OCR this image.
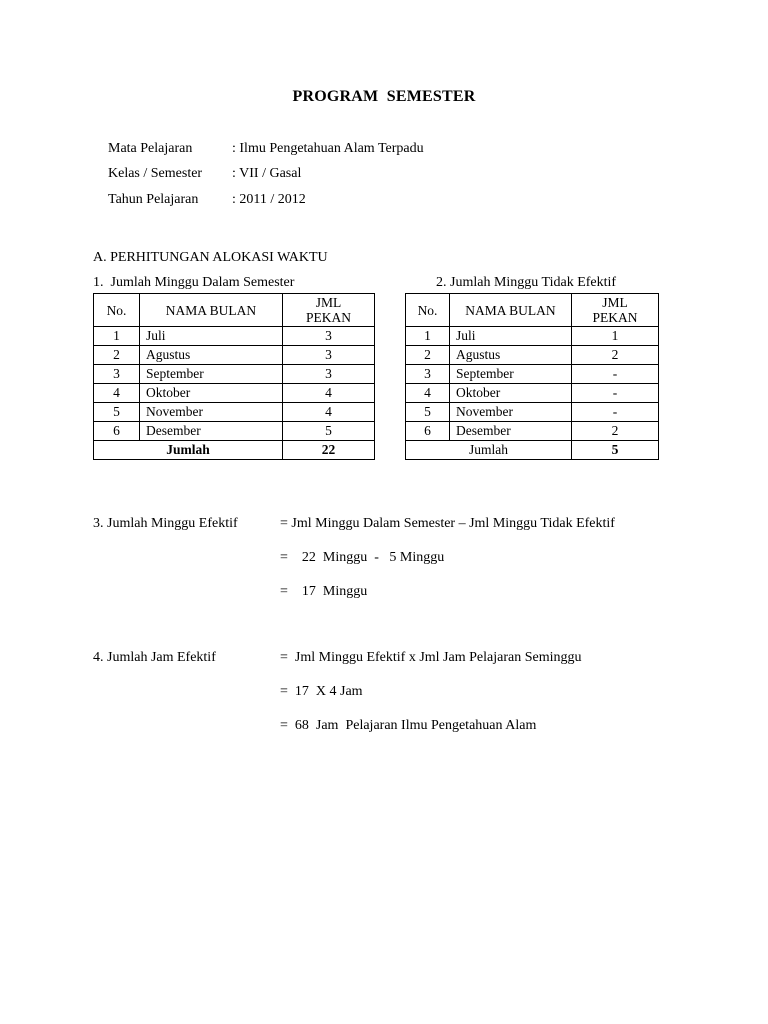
PROGRAM  SEMESTER
Mata Pelajaran	: Ilmu Pengetahuan Alam Terpadu
Kelas / Semester : VII / Gasal
Tahun Pelajaran : 2011 / 2012
A. PERHITUNGAN ALOKASI WAKTU
1.  Jumlah Minggu Dalam Semester	2. Jumlah Minggu Tidak Efektif
No.	NAMA BULAN	JML PEKAN
1	Juli	3
2	Agustus	3
3	September	3
4	Oktober	4
5	November	4
6	Desember	5
Jumlah		22
No.	NAMA BULAN	JML PEKAN
1	Juli	1
2	Agustus	2
3	September	-
4	Oktober	-
5	November	-
6	Desember	2
Jumlah		5
3. Jumlah Minggu Efektif	= Jml Minggu Dalam Semester – Jml Minggu Tidak Efektif
=    22  Minggu  -   5 Minggu
=    17  Minggu
4. Jumlah Jam Efektif	=  Jml Minggu Efektif x Jml Jam Pelajaran Seminggu
=  17  X 4 Jam
=  68  Jam  Pelajaran Ilmu Pengetahuan Alam
